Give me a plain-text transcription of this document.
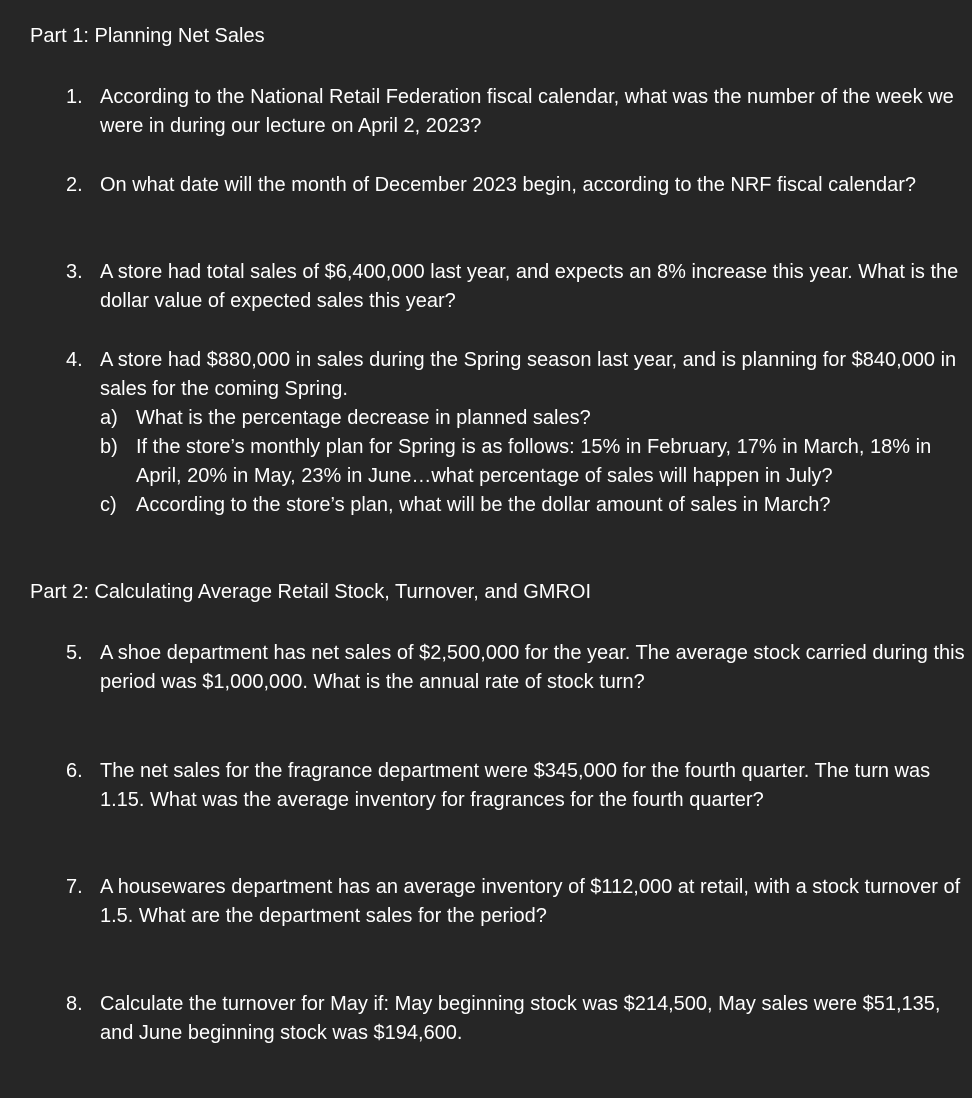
Part 1: Planning Net Sales
1. According to the National Retail Federation fiscal calendar, what was the number of the week we were in during our lecture on April 2, 2023?

2. On what date will the month of December 2023 begin, according to the NRF fiscal calendar?

3. A store had total sales of $6,400,000 last year, and expects an 8% increase this year. What is the dollar value of expected sales this year?

4. A store had $880,000 in sales during the Spring season last year, and is planning for $840,000 in sales for the coming Spring.

a) What is the percentage decrease in planned sales?
b) If the store’s monthly plan for Spring is as follows: 15% in February, 17% in March, 18% in April, 20% in May, 23% in June…what percentage of sales will happen in July?
c) According to the store’s plan, what will be the dollar amount of sales in March?
Part 2: Calculating Average Retail Stock, Turnover, and GMROI
5. A shoe department has net sales of $2,500,000 for the year. The average stock carried during this period was $1,000,000. What is the annual rate of stock turn?

6. The net sales for the fragrance department were $345,000 for the fourth quarter. The turn was 1.15. What was the average inventory for fragrances for the fourth quarter?

7. A housewares department has an average inventory of $112,000 at retail, with a stock turnover of 1.5. What are the department sales for the period?

8. Calculate the turnover for May if: May beginning stock was $214,500, May sales were $51,135, and June beginning stock was $194,600.
